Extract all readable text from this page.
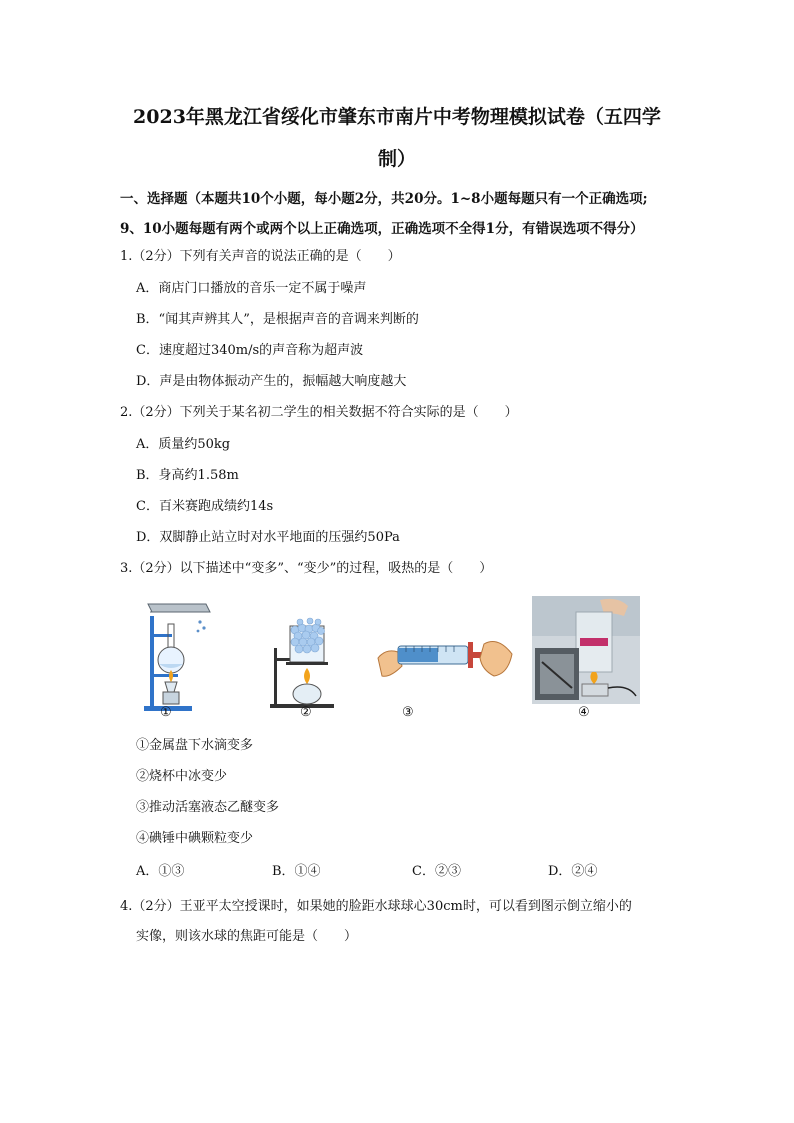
2023年黑龙江省绥化市肇东市南片中考物理模拟试卷（五四学
制）
一、选择题（本题共10个小题，每小题2分，共20分。1~8小题每题只有一个正确选项;
9、10小题每题有两个或两个以上正确选项，正确选项不全得1分，有错误选项不得分）
1.（2分）下列有关声音的说法正确的是（　　）
A．商店门口播放的音乐一定不属于噪声
B．“闻其声辨其人”，是根据声音的音调来判断的
C．速度超过340m/s的声音称为超声波
D．声是由物体振动产生的，振幅越大响度越大
2.（2分）下列关于某名初二学生的相关数据不符合实际的是（　　）
A．质量约50kg
B．身高约1.58m
C．百米赛跑成绩约14s
D．双脚静止站立时对水平地面的压强约50Pa
3.（2分）以下描述中“变多”、“变少”的过程，吸热的是（　　）
①	②	③	④
①金属盘下水滴变多
②烧杯中冰变少
③推动活塞液态乙醚变多
④碘锤中碘颗粒变少
A．①③	B．①④	C．②③	D．②④
4.（2分）王亚平太空授课时，如果她的脸距水球球心30cm时，可以看到图示倒立缩小的
实像，则该水球的焦距可能是（　　）
